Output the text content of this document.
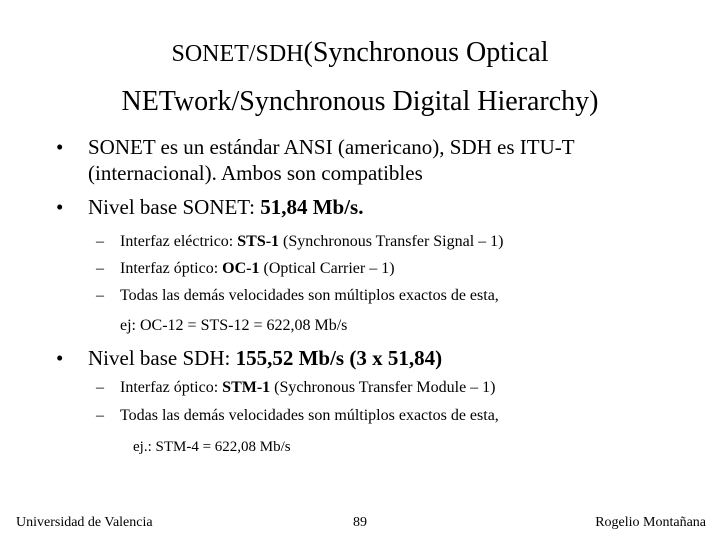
SONET/SDH(Synchronous Optical
NETwork/Synchronous Digital Hierarchy)
• SONET es un estándar ANSI (americano), SDH es ITU-T
(internacional). Ambos son compatibles
• Nivel base SONET: 51,84 Mb/s.
– Interfaz eléctrico: STS-1 (Synchronous Transfer Signal – 1)
– Interfaz óptico: OC-1 (Optical Carrier – 1)
– Todas las demás velocidades son múltiplos exactos de esta,
ej: OC-12 = STS-12 = 622,08 Mb/s
• Nivel base SDH: 155,52 Mb/s (3 x 51,84)
– Interfaz óptico: STM-1 (Sychronous Transfer Module – 1)
– Todas las demás velocidades son múltiplos exactos de esta,
ej.: STM-4 = 622,08 Mb/s
Universidad de Valencia	89	Rogelio Montañana
